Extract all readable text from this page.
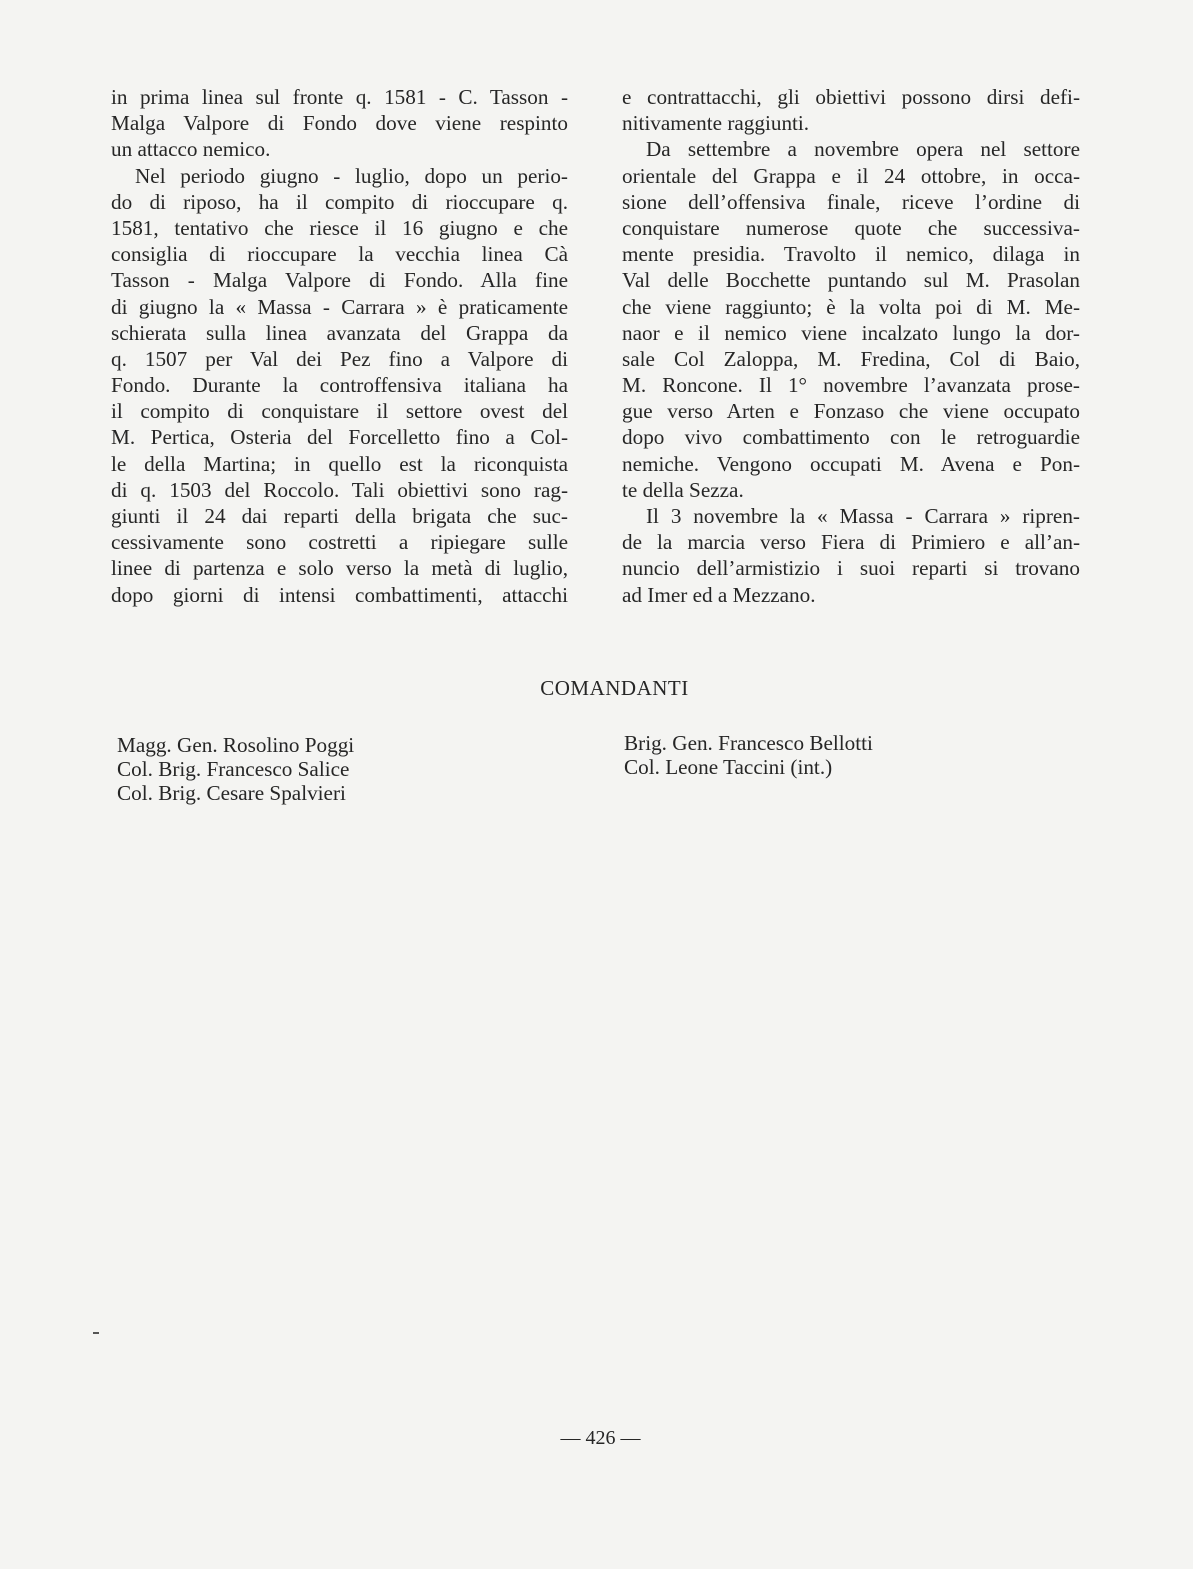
in prima linea sul fronte q. 1581 - C. Tasson -
Malga Valpore di Fondo dove viene respinto
un attacco nemico.
Nel periodo giugno - luglio, dopo un perio-
do di riposo, ha il compito di rioccupare q.
1581, tentativo che riesce il 16 giugno e che
consiglia di rioccupare la vecchia linea Cà
Tasson - Malga Valpore di Fondo. Alla fine
di giugno la « Massa - Carrara » è praticamente
schierata sulla linea avanzata del Grappa da
q. 1507 per Val dei Pez fino a Valpore di
Fondo. Durante la controffensiva italiana ha
il compito di conquistare il settore ovest del
M. Pertica, Osteria del Forcelletto fino a Col-
le della Martina; in quello est la riconquista
di q. 1503 del Roccolo. Tali obiettivi sono rag-
giunti il 24 dai reparti della brigata che suc-
cessivamente sono costretti a ripiegare sulle
linee di partenza e solo verso la metà di luglio,
dopo giorni di intensi combattimenti, attacchi
e contrattacchi, gli obiettivi possono dirsi defi-
nitivamente raggiunti.
Da settembre a novembre opera nel settore
orientale del Grappa e il 24 ottobre, in occa-
sione dell’offensiva finale, riceve l’ordine di
conquistare numerose quote che successiva-
mente presidia. Travolto il nemico, dilaga in
Val delle Bocchette puntando sul M. Prasolan
che viene raggiunto; è la volta poi di M. Me-
naor e il nemico viene incalzato lungo la dor-
sale Col Zaloppa, M. Fredina, Col di Baio,
M. Roncone. Il 1° novembre l’avanzata prose-
gue verso Arten e Fonzaso che viene occupato
dopo vivo combattimento con le retroguardie
nemiche. Vengono occupati M. Avena e Pon-
te della Sezza.
Il 3 novembre la « Massa - Carrara » ripren-
de la marcia verso Fiera di Primiero e all’an-
nuncio dell’armistizio i suoi reparti si trovano
ad Imer ed a Mezzano.
COMANDANTI
Magg. Gen. Rosolino Poggi
Col. Brig. Francesco Salice
Col. Brig. Cesare Spalvieri
Brig. Gen. Francesco Bellotti
Col. Leone Taccini (int.)
— 426 —
